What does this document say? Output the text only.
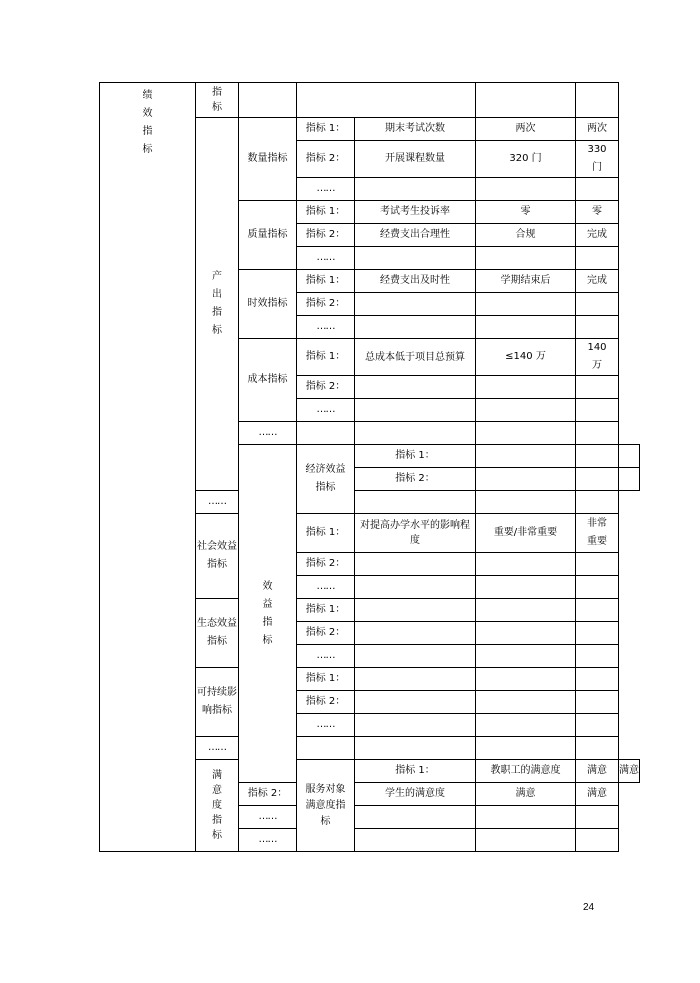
绩效指标	指标						
	产出指标	数量指标	指标 1：	期末考试次数	两次	两次	
			指标 2：	开展课程数量	320 门	330 门	
			……				
		质量指标	指标 1：	考试考生投诉率	零	零	
			指标 2：	经费支出合理性	合规	完成	
			……				
		时效指标	指标 1：	经费支出及时性	学期结束后	完成	
			指标 2：				
			……				
		成本指标	指标 1：	总成本低于项目总预算	≤140 万	140 万	
			指标 2：				
			……				
		……					
		效益指标	经济效益指标	指标 1：			
				指标 2：			
	……						
	社会效益指标		指标 1：	对提高办学水平的影响程度	重要/非常重要	非常重要	
			指标 2：				
			……				
	生态效益指标		指标 1：				
			指标 2：				
			……				
	可持续影响指标		指标 1：				
			指标 2：				
			……				
	……						
	满意度指标		服务对象满意度指标	指标 1：	教职工的满意度	满意	满意
		指标 2：		学生的满意度	满意	满意	
		……					
		……					
24
